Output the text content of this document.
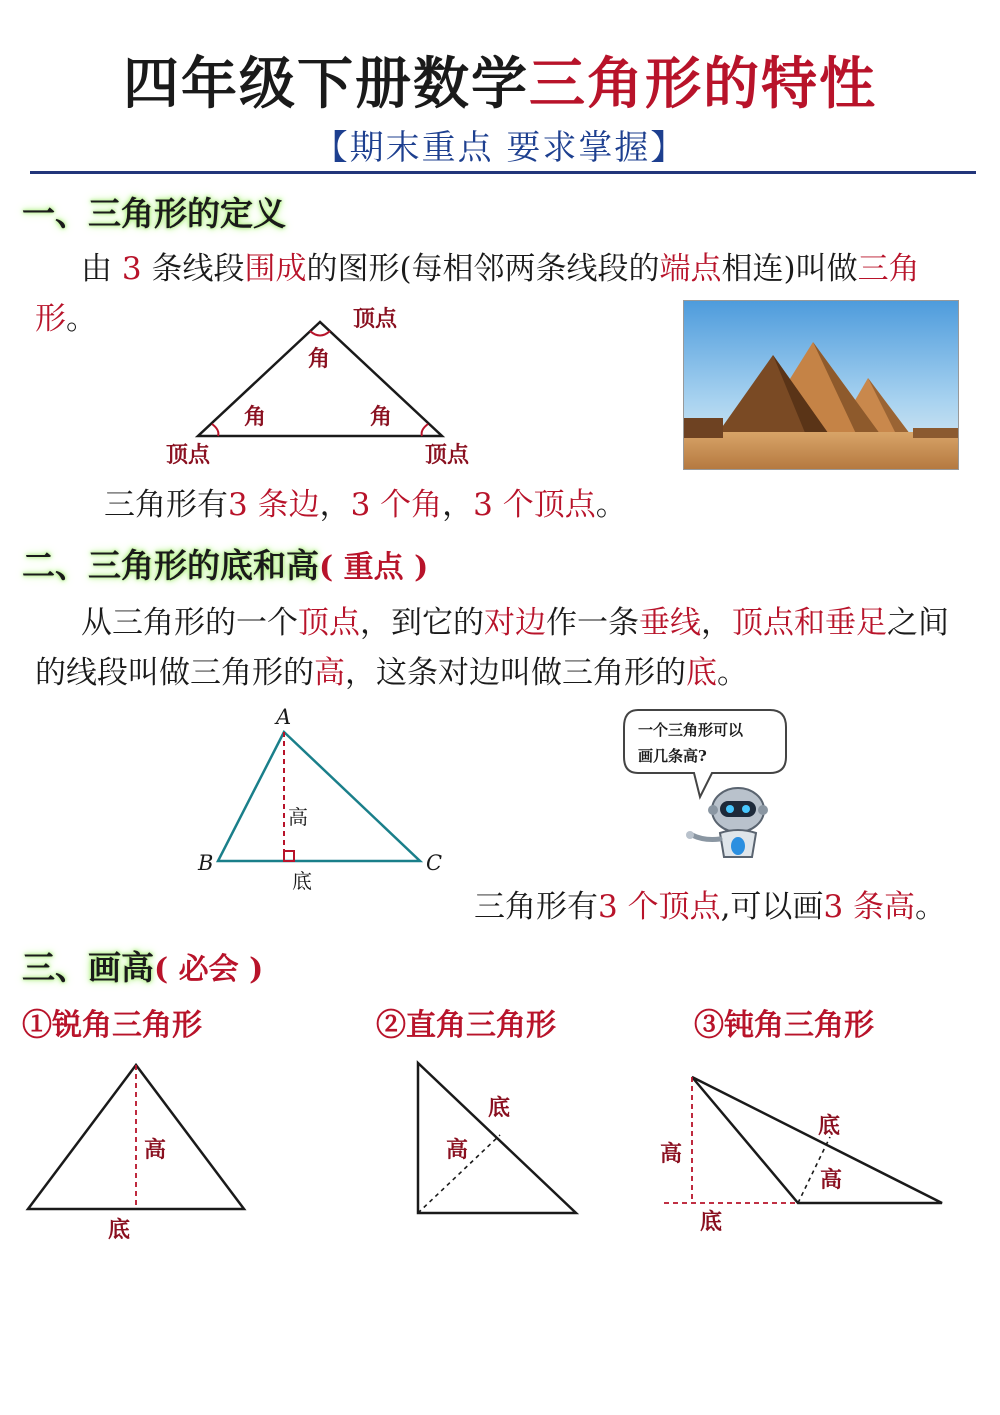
四年级下册数学三角形的特性
【期末重点 要求掌握】
一、三角形的定义
由 3 条线段围成的图形(每相邻两条线段的端点相连)叫做三角形。
角
角	角
顶点
顶点	顶点
三角形有3 条边，3 个角，3 个顶点。
二、三角形的底和高( 重点 )
从三角形的一个顶点，到它的对边作一条垂线，顶点和垂足之间的线段叫做三角形的高，这条对边叫做三角形的底。
A
B	C
高
底
一个三角形可以
画几条高?
三角形有3 个顶点,可以画3 条高。
三、画高( 必会 )
①锐角三角形	②直角三角形	③钝角三角形
高
底
底
高	高
底
底
高
